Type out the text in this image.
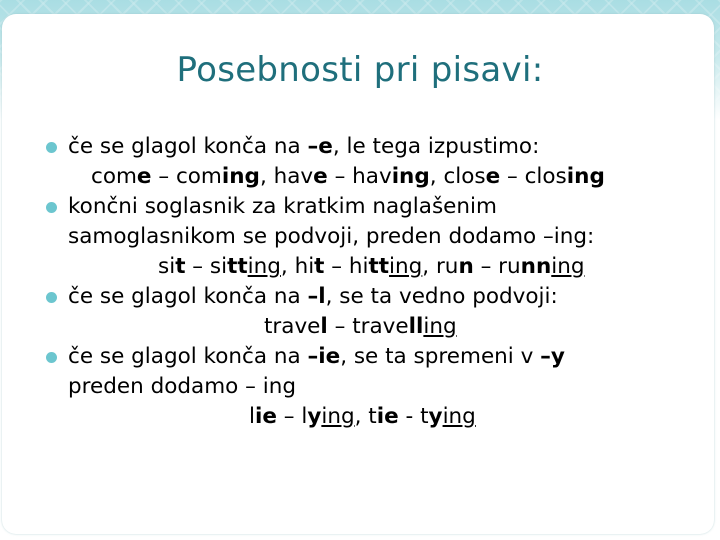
Posebnosti pri pisavi:
če se glagol konča na –e, le tega izpustimo:
come – coming, have – having, close – closing
končni soglasnik za kratkim naglašenim
samoglasnikom se podvoji, preden dodamo –ing:
sit – sitting, hit – hitting, run – running
če se glagol konča na –l, se ta vedno podvoji:
travel – travelling
če se glagol konča na –ie, se ta spremeni v –y
preden dodamo – ing
lie – lying, tie - tying
